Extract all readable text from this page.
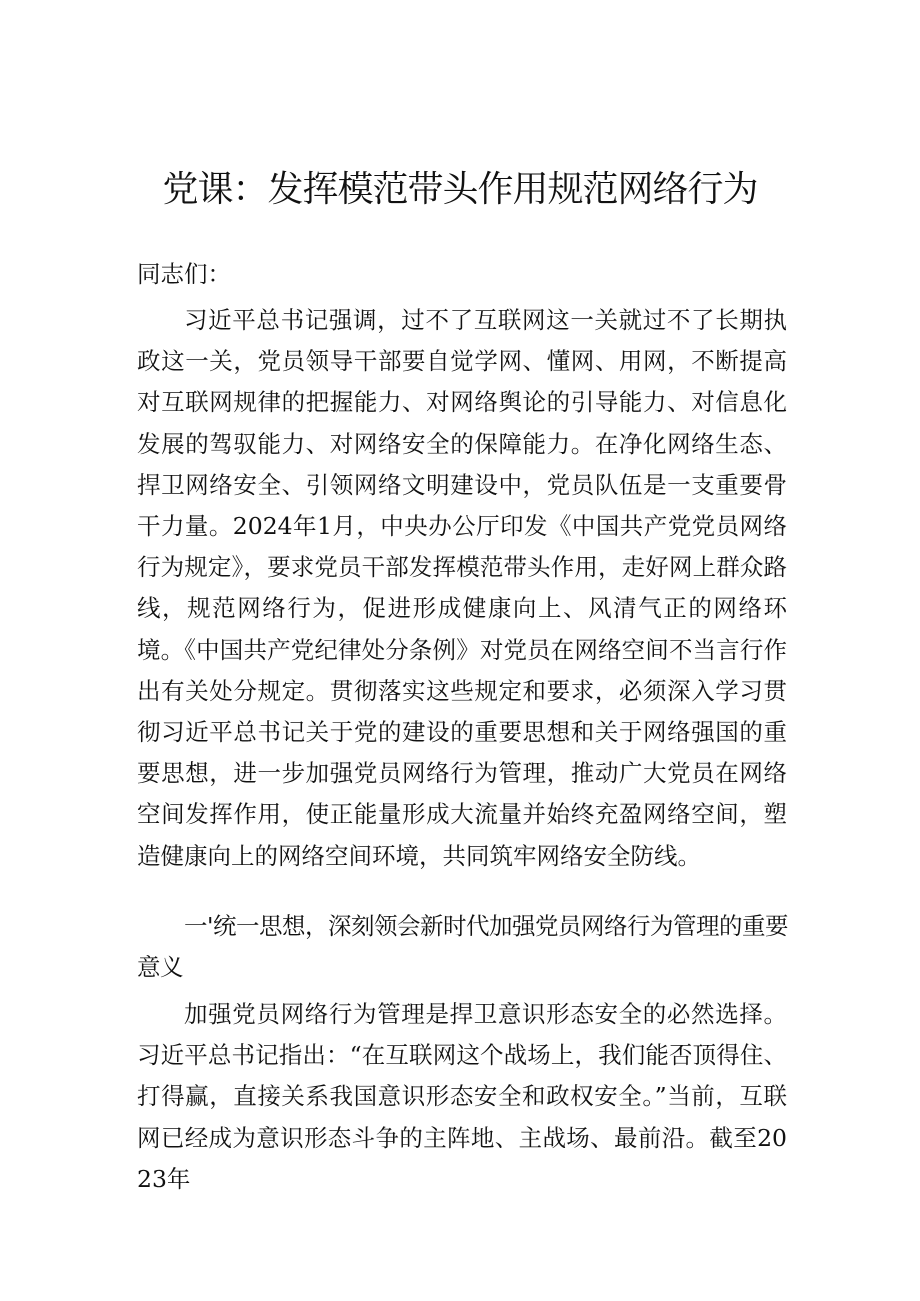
党课：发挥模范带头作用规范网络行为

同志们：

习近平总书记强调，过不了互联网这一关就过不了长期执政这一关，党员领导干部要自觉学网、懂网、用网，不断提高对互联网规律的把握能力、对网络舆论的引导能力、对信息化发展的驾驭能力、对网络安全的保障能力。在净化网络生态、捍卫网络安全、引领网络文明建设中，党员队伍是一支重要骨干力量。2024年1月，中央办公厅印发《中国共产党党员网络行为规定》，要求党员干部发挥模范带头作用，走好网上群众路线，规范网络行为，促进形成健康向上、风清气正的网络环境。《中国共产党纪律处分条例》对党员在网络空间不当言行作出有关处分规定。贯彻落实这些规定和要求，必须深入学习贯彻习近平总书记关于党的建设的重要思想和关于网络强国的重要思想，进一步加强党员网络行为管理，推动广大党员在网络空间发挥作用，使正能量形成大流量并始终充盈网络空间，塑造健康向上的网络空间环境，共同筑牢网络安全防线。

一'统一思想，深刻领会新时代加强党员网络行为管理的重要意义

加强党员网络行为管理是捍卫意识形态安全的必然选择。习近平总书记指出：“在互联网这个战场上，我们能否顶得住、打得赢，直接关系我国意识形态安全和政权安全。”当前，互联网已经成为意识形态斗争的主阵地、主战场、最前沿。截至2023年
